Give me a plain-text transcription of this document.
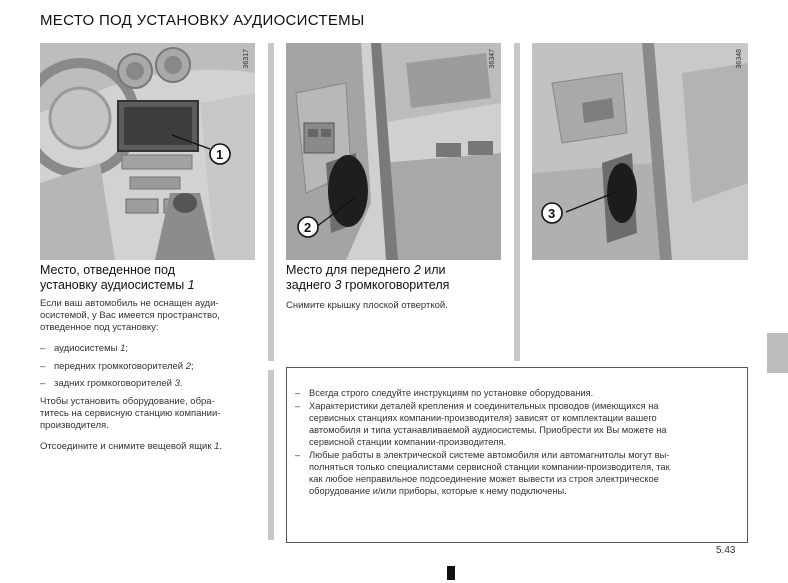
МЕСТО ПОД УСТАНОВКУ АУДИОСИСТЕМЫ
1
36317
2
36347
3
36348
Место, отведенное под
установку аудиосистемы 1
Если ваш автомобиль не оснащен ауди-
осистемой, у Вас имеется пространство,
отведенное под установку:
– аудиосистемы 1;
– передних громкоговорителей 2;
– задних громкоговорителей 3.
Чтобы установить оборудование, обра-
титесь на сервисную станцию компании-
производителя.
Отсоедините и снимите вещевой ящик 1.
Место для переднего 2 или
заднего 3 громкоговорителя
Снимите крышку плоской отверткой.
– Всегда строго следуйте инструкциям по установке оборудования.
– Характеристики деталей крепления и соединительных проводов (имеющихся на
сервисных станциях компании-производителя) зависят от комплектации вашего
автомобиля и типа устанавливаемой аудиосистемы. Приобрести их Вы можете на
сервисной станции компании-производителя.
– Любые работы в электрической системе автомобиля или автомагнитолы могут вы-
полняться только специалистами сервисной станции компании-производителя, так
как любое неправильное подсоединение может вывести из строя электрическое
оборудование и/или приборы, которые к нему подключены.
5.43
